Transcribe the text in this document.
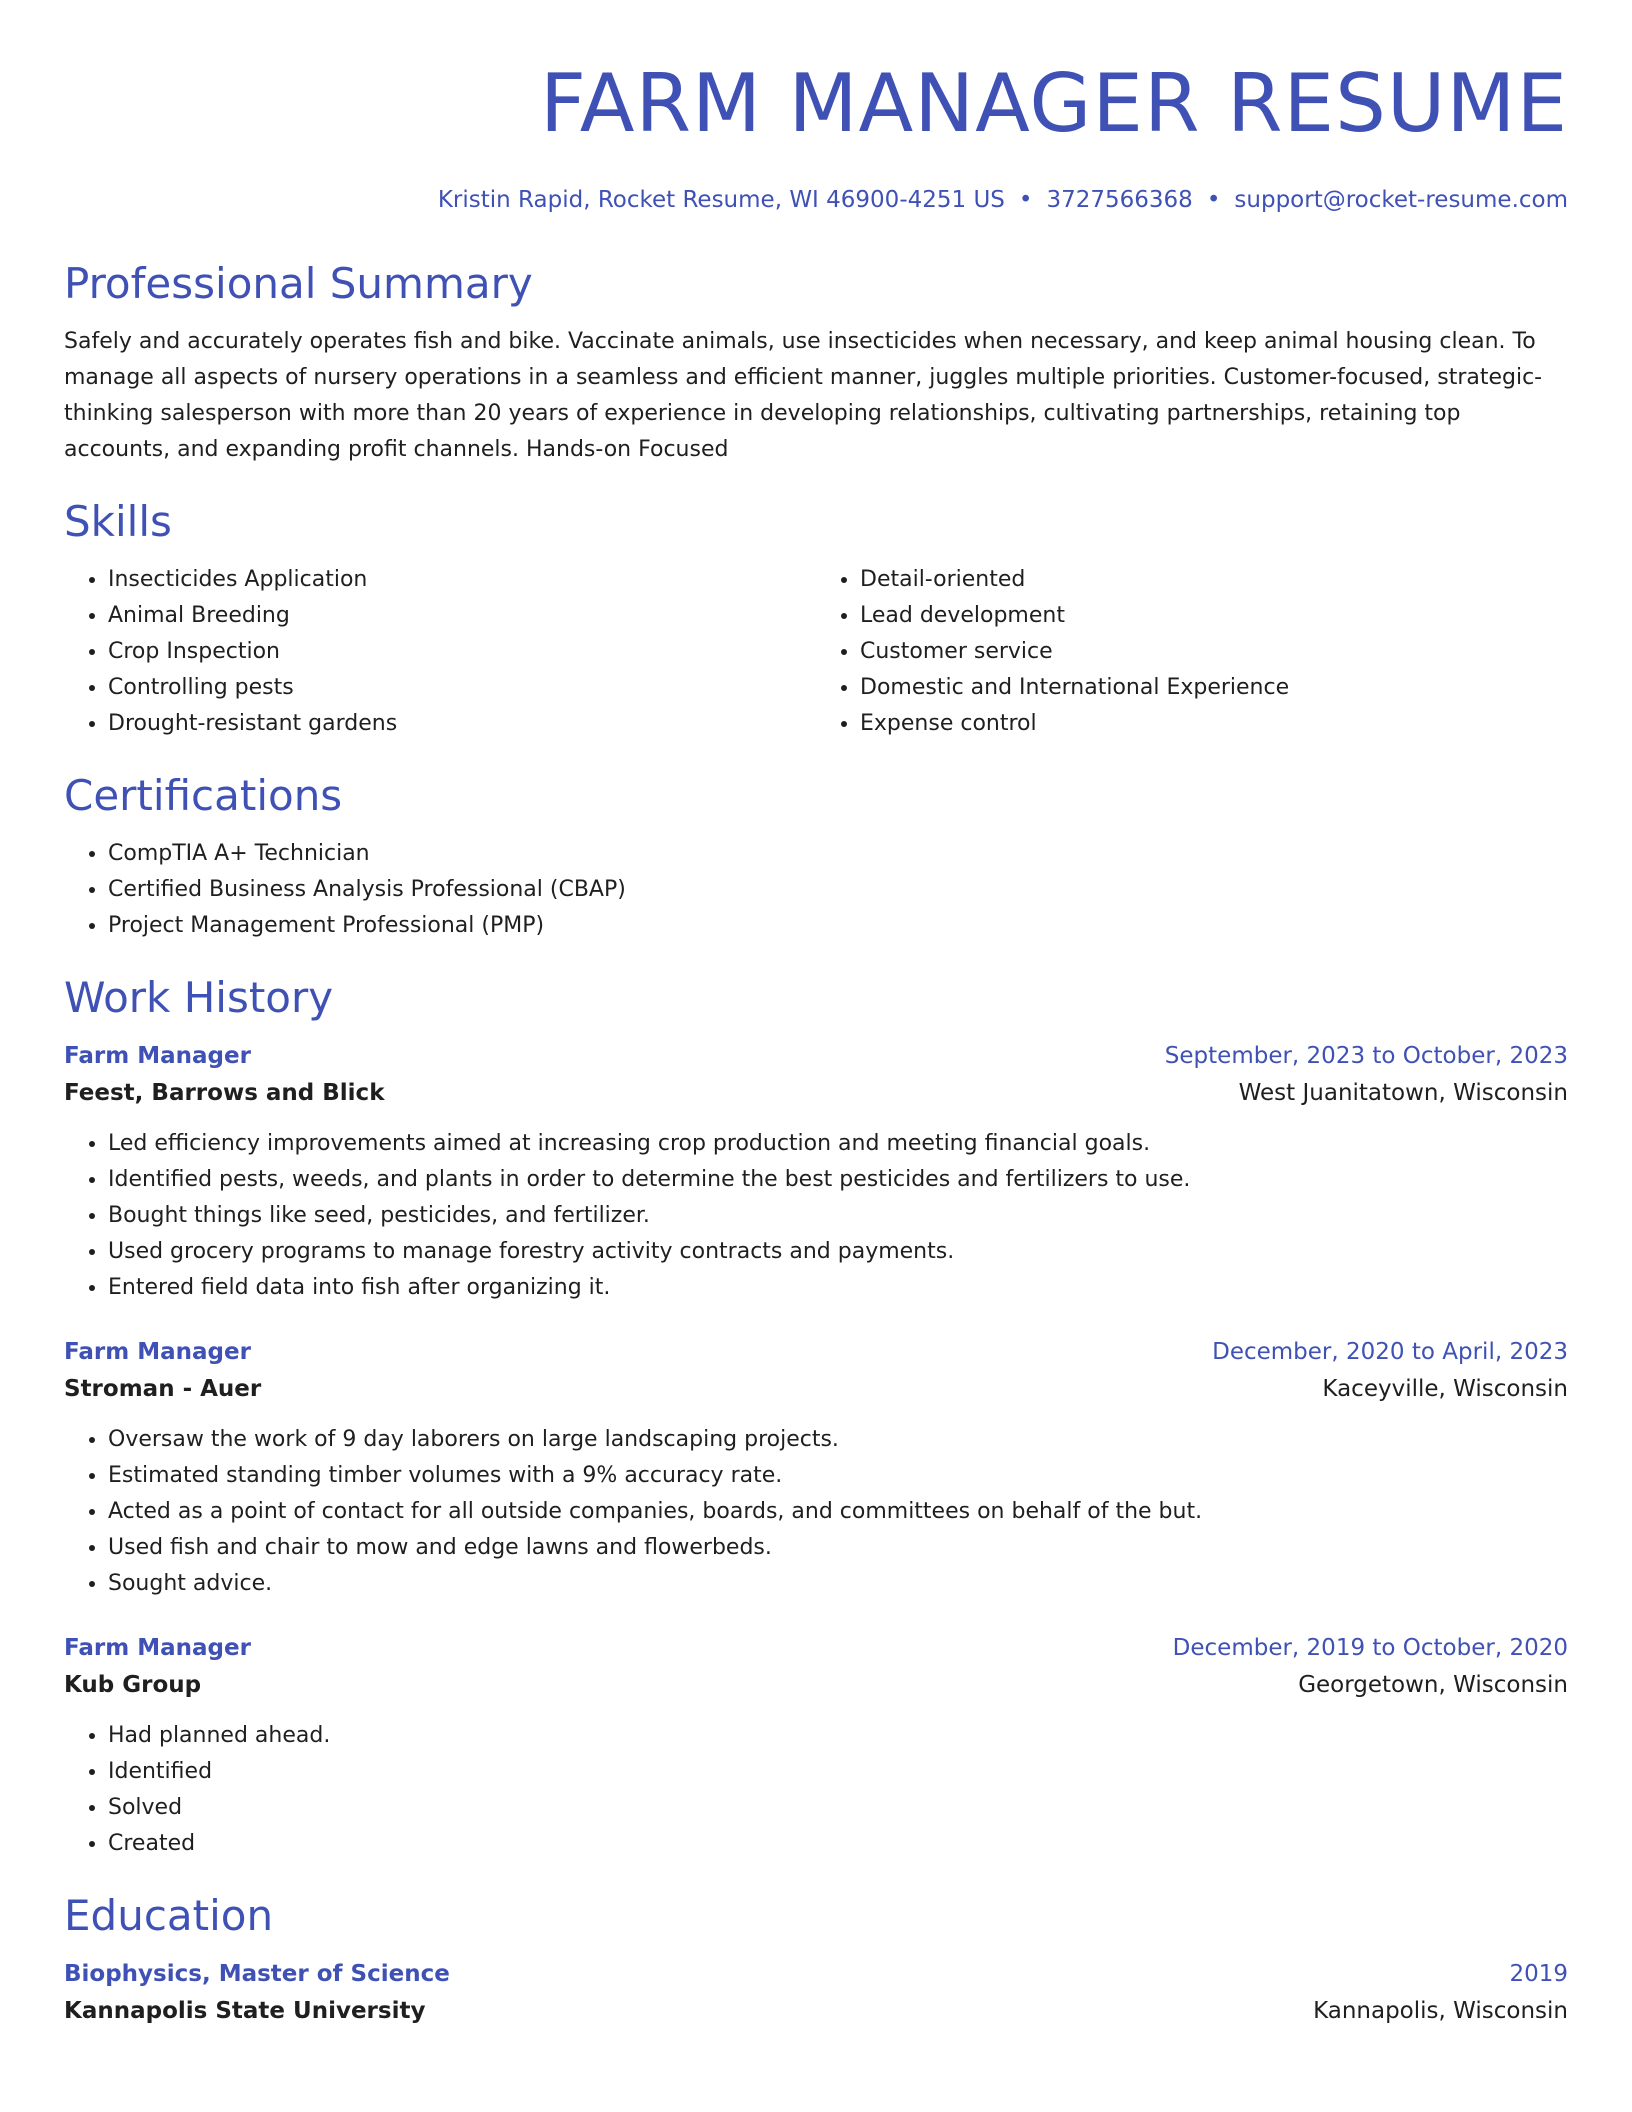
FARM MANAGER RESUME
Kristin Rapid, Rocket Resume, WI 46900-4251 US • 3727566368 • support@rocket-resume.com
Professional Summary

Safely and accurately operates fish and bike. Vaccinate animals, use insecticides when necessary, and keep animal housing clean. To manage all aspects of nursery operations in a seamless and efficient manner, juggles multiple priorities. Customer-focused, strategic-thinking salesperson with more than 20 years of experience in developing relationships, cultivating partnerships, retaining top accounts, and expanding profit channels. Hands-on Focused

Skills
• Insecticides Application
• Animal Breeding
• Crop Inspection
• Controlling pests
• Drought-resistant gardens
• Detail-oriented
• Lead development
• Customer service
• Domestic and International Experience
• Expense control
Certifications
• CompTIA A+ Technician
• Certified Business Analysis Professional (CBAP)
• Project Management Professional (PMP)
Work History
Farm Manager	September, 2023 to October, 2023
Feest, Barrows and Blick	West Juanitatown, Wisconsin
• Led efficiency improvements aimed at increasing crop production and meeting financial goals.
• Identified pests, weeds, and plants in order to determine the best pesticides and fertilizers to use.
• Bought things like seed, pesticides, and fertilizer.
• Used grocery programs to manage forestry activity contracts and payments.
• Entered field data into fish after organizing it.
Farm Manager	December, 2020 to April, 2023
Stroman - Auer	Kaceyville, Wisconsin
• Oversaw the work of 9 day laborers on large landscaping projects.
• Estimated standing timber volumes with a 9% accuracy rate.
• Acted as a point of contact for all outside companies, boards, and committees on behalf of the but.
• Used fish and chair to mow and edge lawns and flowerbeds.
• Sought advice.
Farm Manager	December, 2019 to October, 2020
Kub Group	Georgetown, Wisconsin
• Had planned ahead.
• Identified
• Solved
• Created
Education
Biophysics, Master of Science	2019
Kannapolis State University	Kannapolis, Wisconsin
